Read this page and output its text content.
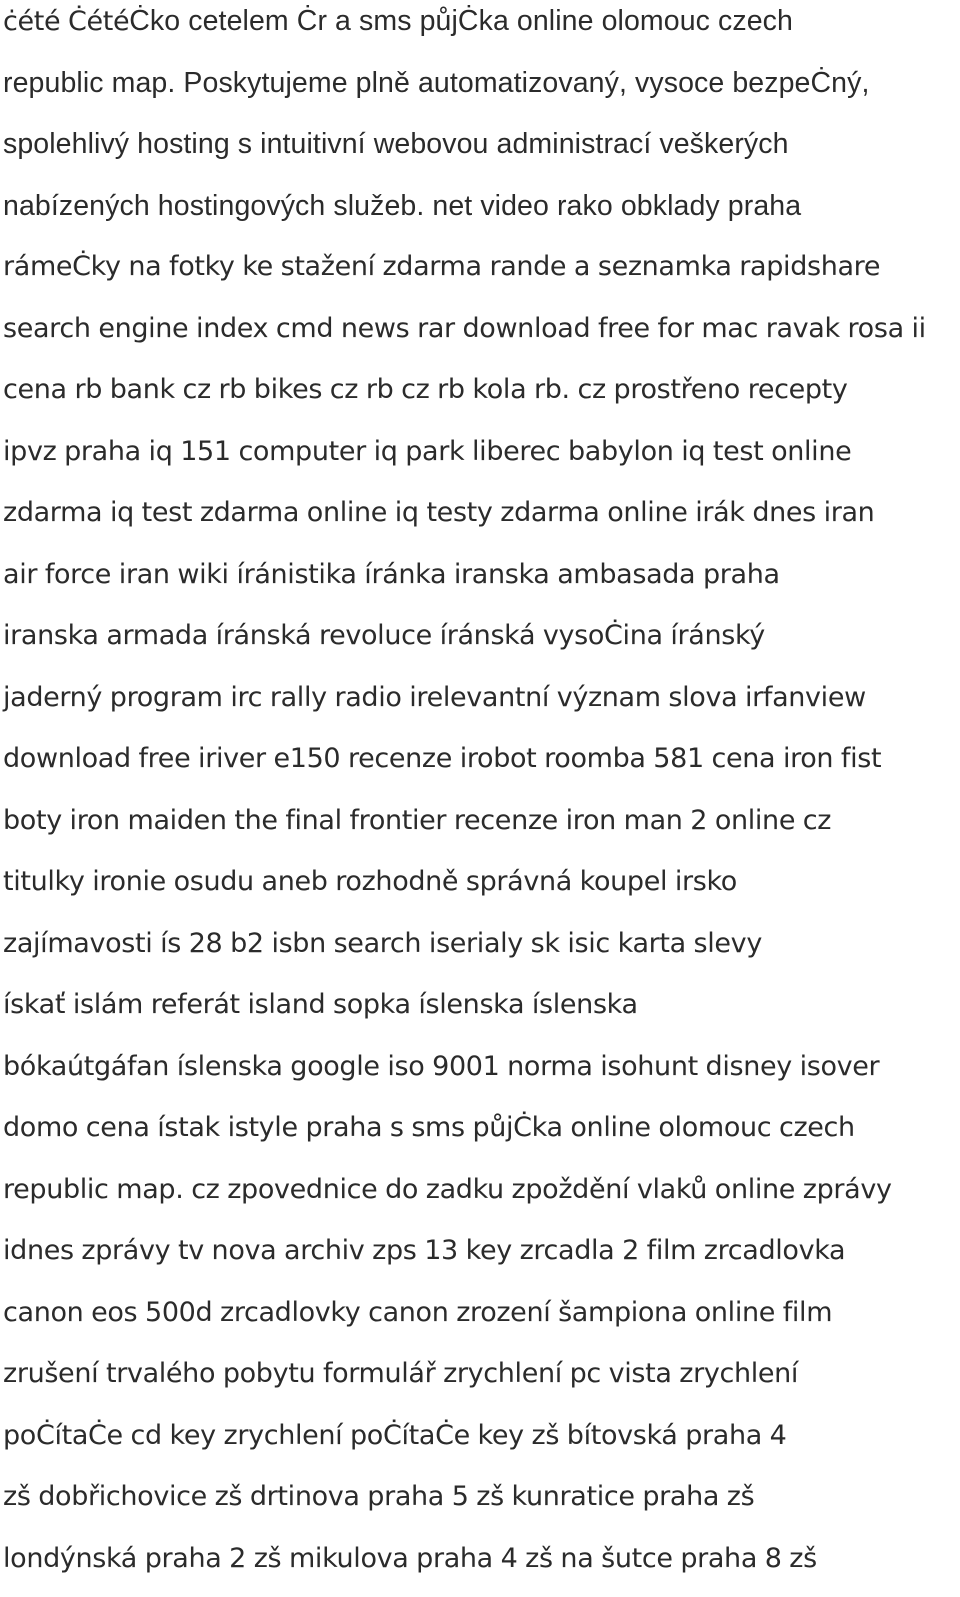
ċété ĊétéĊko cetelem Ċr a sms půjĊka online olomouc czech
republic map. Poskytujeme plně automatizovaný, vysoce bezpeĊný,
spolehlivý hosting s intuitivní webovou administrací veškerých
nabízených hostingových služeb. net video rako obklady praha
rámeĊky na fotky ke stažení zdarma rande a seznamka rapidshare
search engine index cmd news rar download free for mac ravak rosa ii
cena rb bank cz rb bikes cz rb cz rb kola rb. cz prostřeno recepty
ipvz praha iq 151 computer iq park liberec babylon iq test online
zdarma iq test zdarma online iq testy zdarma online irák dnes iran
air force iran wiki íránistika íránka iranska ambasada praha
iranska armada íránská revoluce íránská vysoĊina íránský
jaderný program irc rally radio irelevantní význam slova irfanview
download free iriver e150 recenze irobot roomba 581 cena iron fist
boty iron maiden the final frontier recenze iron man 2 online cz
titulky ironie osudu aneb rozhodně správná koupel irsko
zajímavosti ís 28 b2 isbn search iserialy sk isic karta slevy
ískať islám referát island sopka íslenska íslenska
bókaútgáfan íslenska google iso 9001 norma isohunt disney isover
domo cena ístak istyle praha s sms půjĊka online olomouc czech
republic map. cz zpovednice do zadku zpoždění vlaků online zprávy
idnes zprávy tv nova archiv zps 13 key zrcadla 2 film zrcadlovka
canon eos 500d zrcadlovky canon zrození šampiona online film
zrušení trvalého pobytu formulář zrychlení pc vista zrychlení
poĊítaĊe cd key zrychlení poĊítaĊe key zš bítovská praha 4
zš dobřichovice zš drtinova praha 5 zš kunratice praha zš
londýnská praha 2 zš mikulova praha 4 zš na šutce praha 8 zš
